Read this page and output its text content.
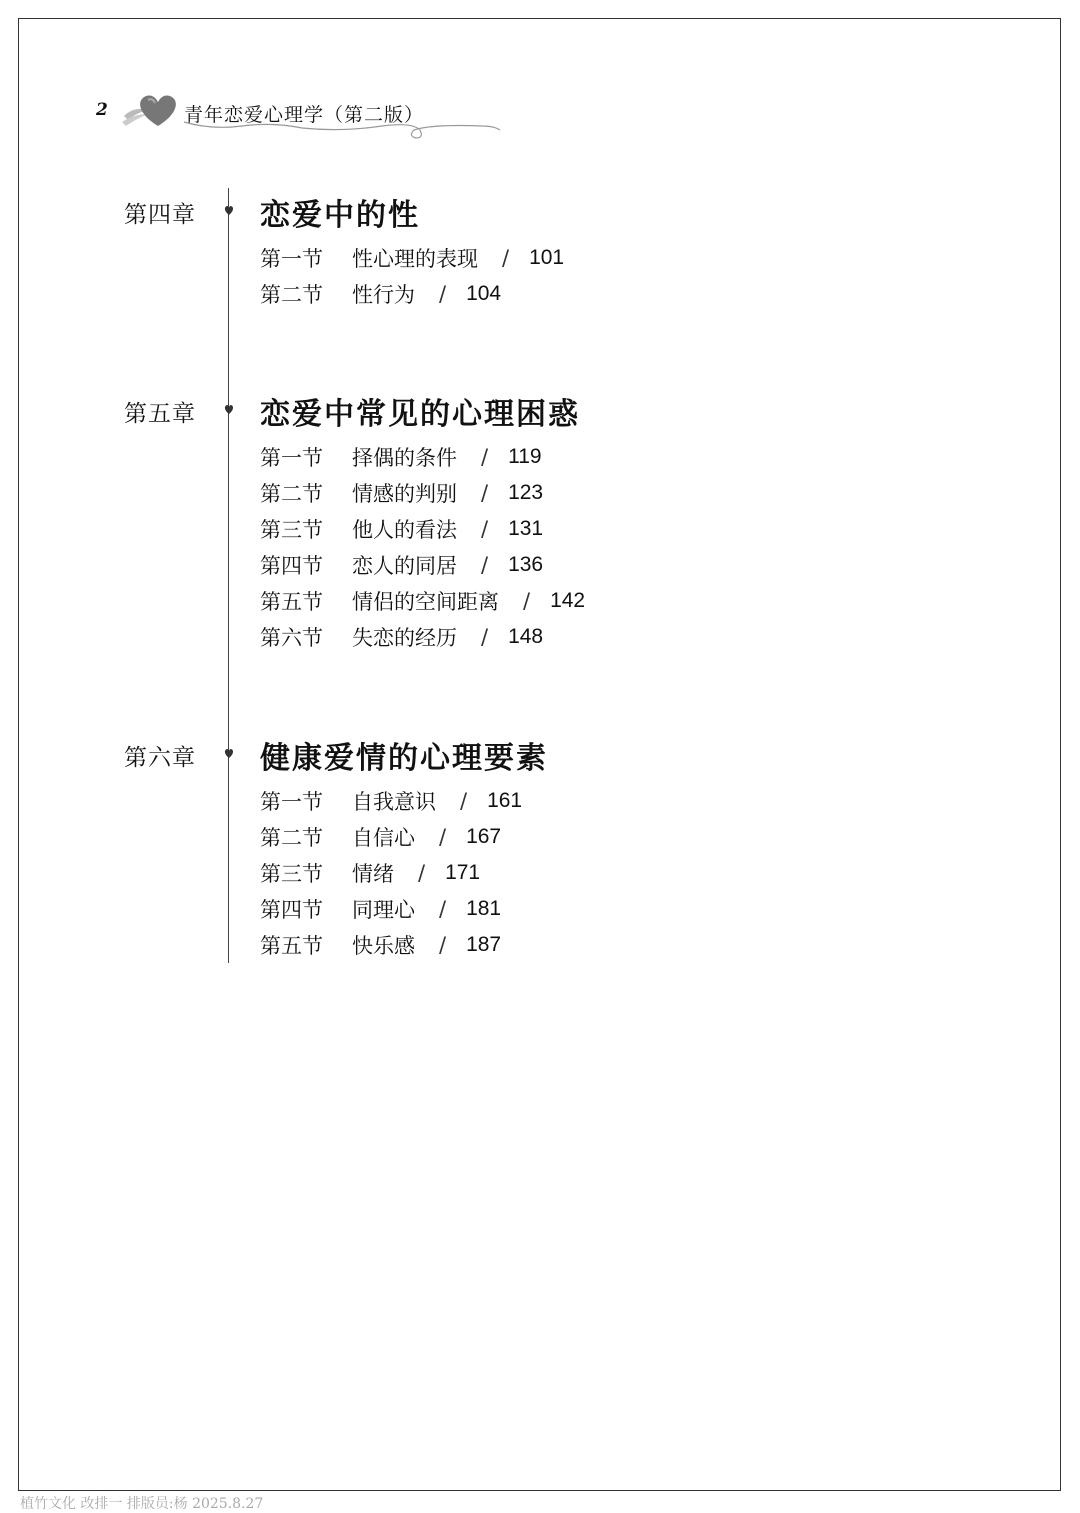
2	青年恋爱心理学（第二版）
第四章 恋爱中的性
第一节	性心理的表现 / 101
第二节	性行为 / 104
第五章 恋爱中常见的心理困惑
第一节	择偶的条件 / 119
第二节	情感的判别 / 123
第三节	他人的看法 / 131
第四节	恋人的同居 / 136
第五节	情侣的空间距离 / 142
第六节	失恋的经历 / 148
第六章 健康爱情的心理要素
第一节	自我意识 / 161
第二节	自信心 / 167
第三节	情绪 / 171
第四节	同理心 / 181
第五节	快乐感 / 187
植竹文化 改排一 排版员:杨 2025.8.27
